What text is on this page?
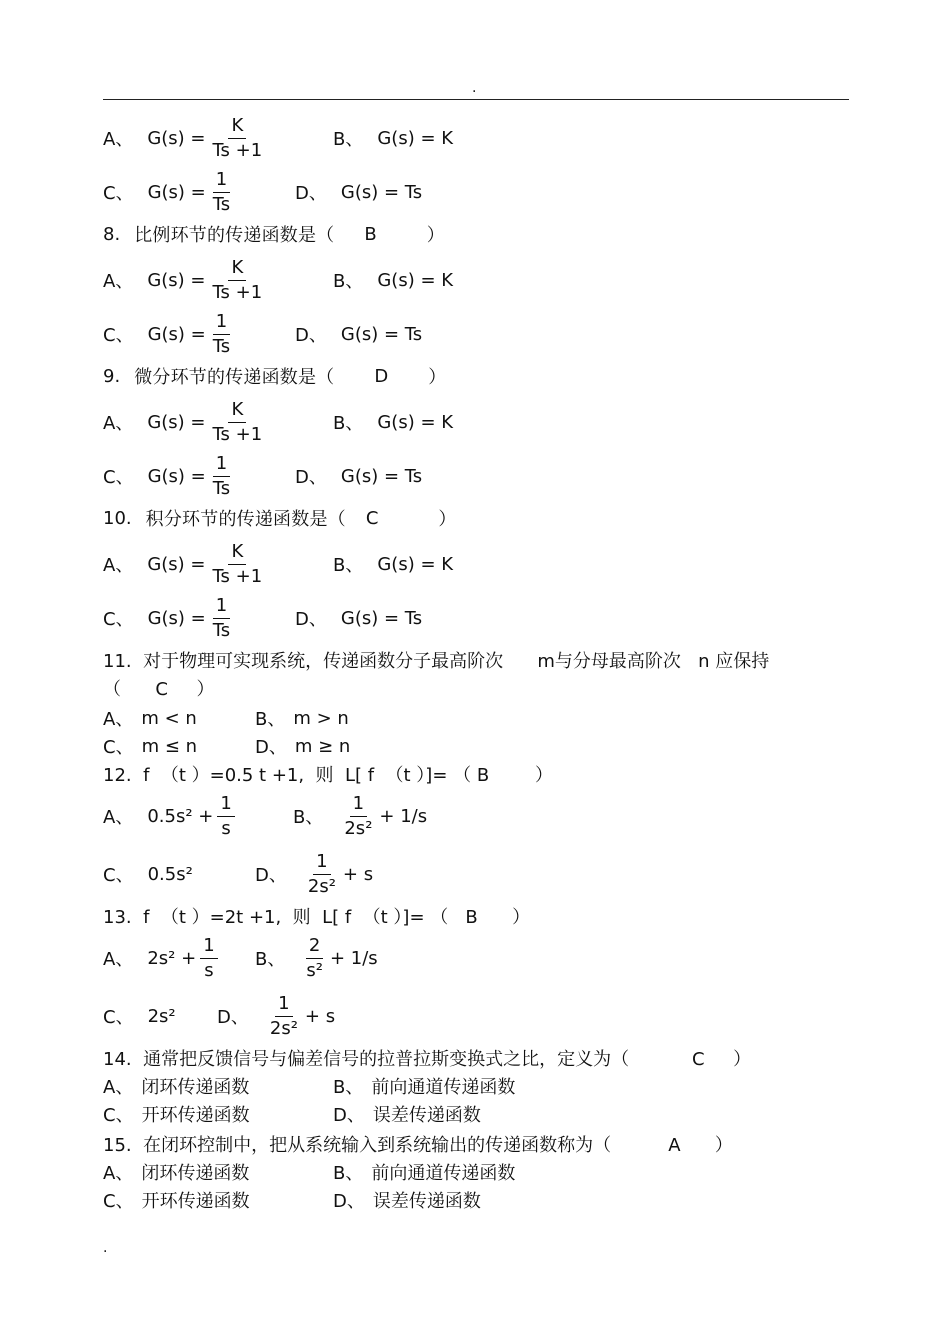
.
A、 $G(s) = \frac{K}{Ts +1}$	B、 G(s) = K
C、 $G(s) = \frac{1}{Ts}$	D、 G(s) = Ts
8. 比例环节的传递函数是（ B	）
A、 $G(s) = \frac{K}{Ts +1}$	B、 G(s) = K
C、 $G(s) = \frac{1}{Ts}$	D、 G(s) = Ts
9. 微分环节的传递函数是（ D ）
A、 $G(s) = \frac{K}{Ts +1}$	B、 G(s) = K
C、 $G(s) = \frac{1}{Ts}$	D、 G(s) = Ts
10. 积分环节的传递函数是（ C	）
A、 $G(s) = \frac{K}{Ts +1}$	B、 G(s) = K
C、 $G(s) = \frac{1}{Ts}$	D、 G(s) = Ts
11.  对于物理可实现系统，传递函数分子最高阶次      m与分母最高阶次   n 应保持
（      C     ）
A、 m < n	B、 m > n
C、 m ≤ n	D、 m ≥ n
12.  f  （t ）=0.5 t +1,  则  L[ f  （t ）]= （ B        ）
A、 $0.5s^2 + \frac{1}{s}$	B、 $\frac{1}{\text{2s²}} + 1/s$
C、 0.5s²	D、 $\frac{1}{\text{2s²}} + s$
13.  f  （t ）=2t +1,  则  L[ f  （t ）]= （   B      ）
A、 $2s^2 + \frac{1}{s}$ B、 $\frac{2}{\text{s²}} + 1/s$
C、 2s² D、 $\frac{1}{\text{2s²}} + s$
14.  通常把反馈信号与偏差信号的拉普拉斯变换式之比，定义为（           C     ）
A、 闭环传递函数	B、 前向通道传递函数
C、 开环传递函数	D、 误差传递函数
15.  在闭环控制中，把从系统输入到系统输出的传递函数称为（          A      ）
A、 闭环传递函数	B、 前向通道传递函数
C、 开环传递函数	D、 误差传递函数
.
